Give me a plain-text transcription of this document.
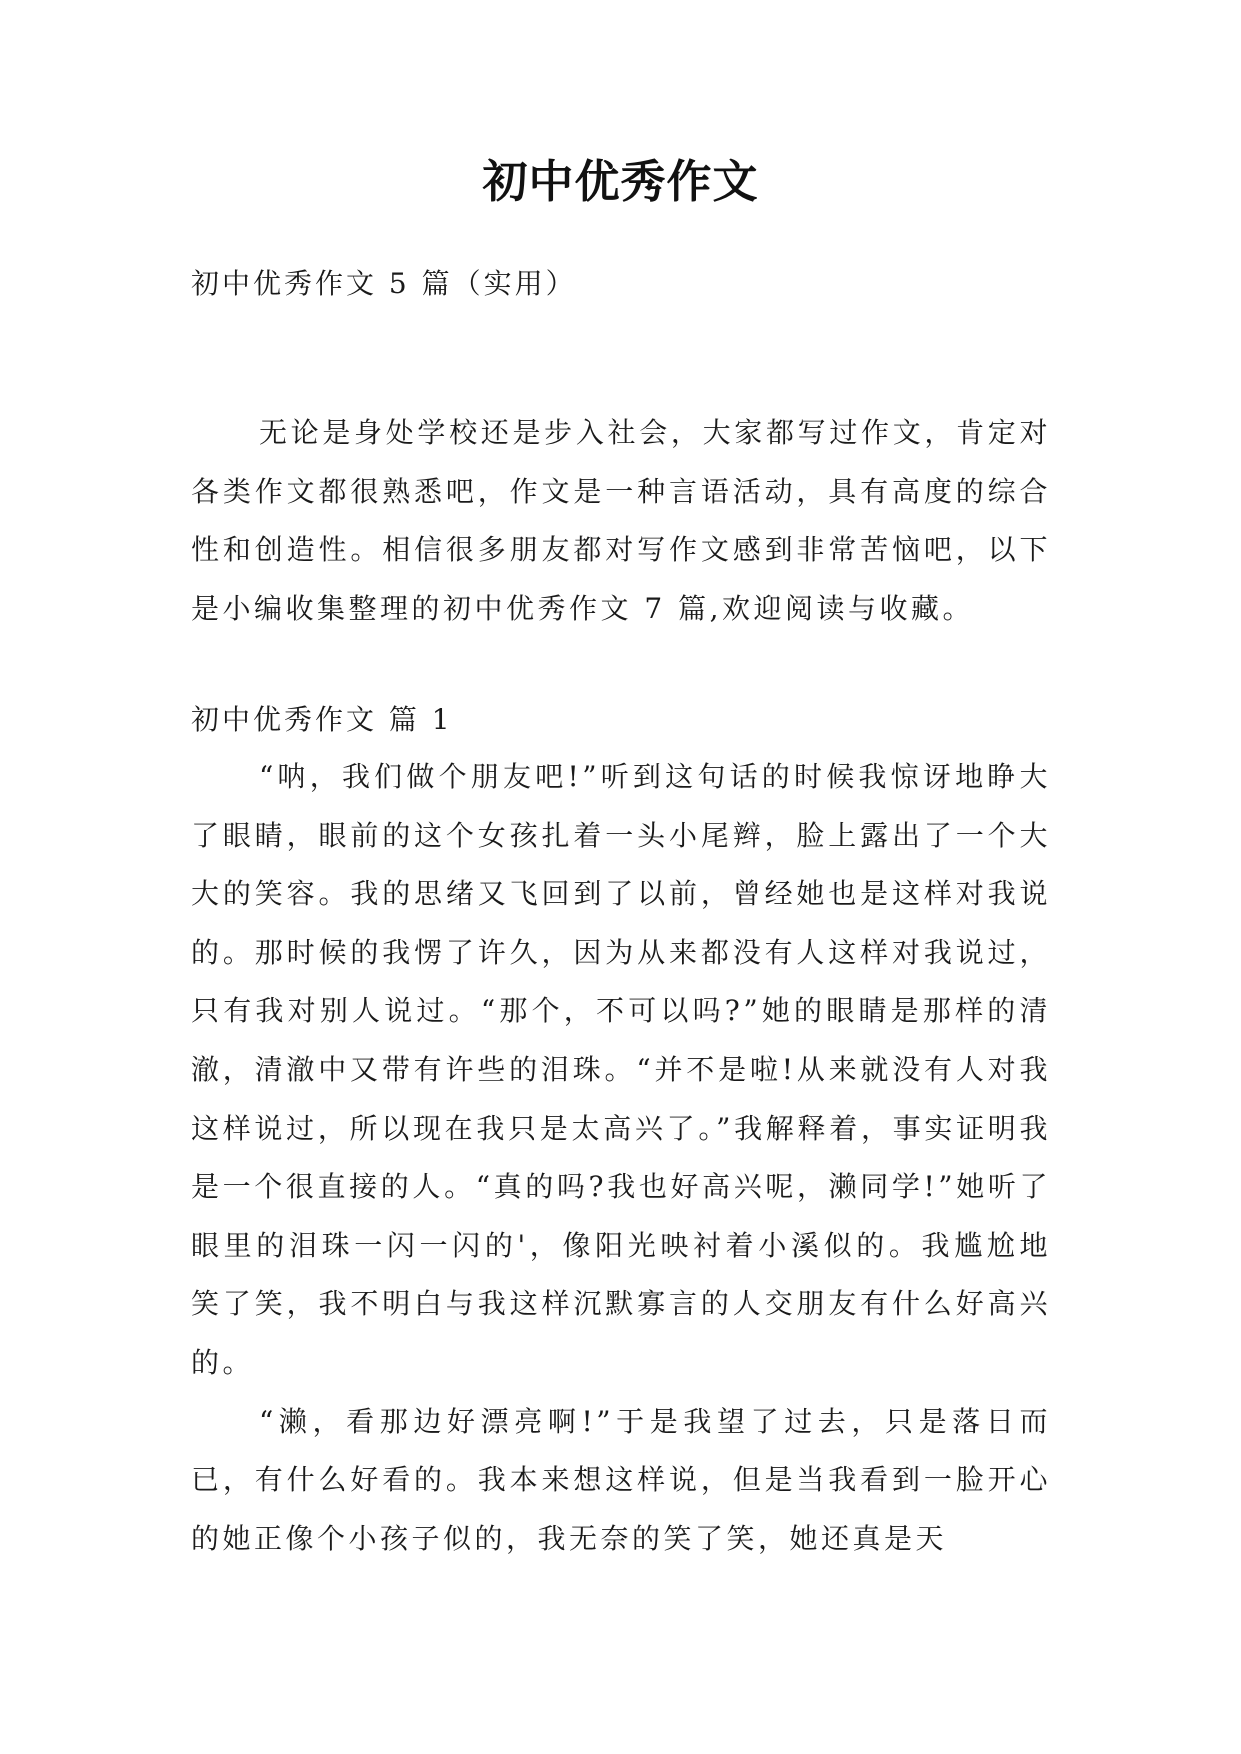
初中优秀作文
初中优秀作文 5 篇（实用）

无论是身处学校还是步入社会，大家都写过作文，肯定对各类作文都很熟悉吧，作文是一种言语活动，具有高度的综合性和创造性。相信很多朋友都对写作文感到非常苦恼吧，以下是小编收集整理的初中优秀作文 7 篇,欢迎阅读与收藏。

初中优秀作文 篇 1

“呐，我们做个朋友吧!”听到这句话的时候我惊讶地睁大了眼睛，眼前的这个女孩扎着一头小尾辫，脸上露出了一个大大的笑容。我的思绪又飞回到了以前，曾经她也是这样对我说的。那时候的我愣了许久，因为从来都没有人这样对我说过，只有我对别人说过。“那个，不可以吗?”她的眼睛是那样的清澈，清澈中又带有许些的泪珠。“并不是啦!从来就没有人对我这样说过，所以现在我只是太高兴了。”我解释着，事实证明我是一个很直接的人。“真的吗?我也好高兴呢，濑同学!”她听了眼里的泪珠一闪一闪的'，像阳光映衬着小溪似的。我尴尬地笑了笑，我不明白与我这样沉默寡言的人交朋友有什么好高兴的。

“濑，看那边好漂亮啊!”于是我望了过去，只是落日而已，有什么好看的。我本来想这样说，但是当我看到一脸开心的她正像个小孩子似的，我无奈的笑了笑，她还真是天
